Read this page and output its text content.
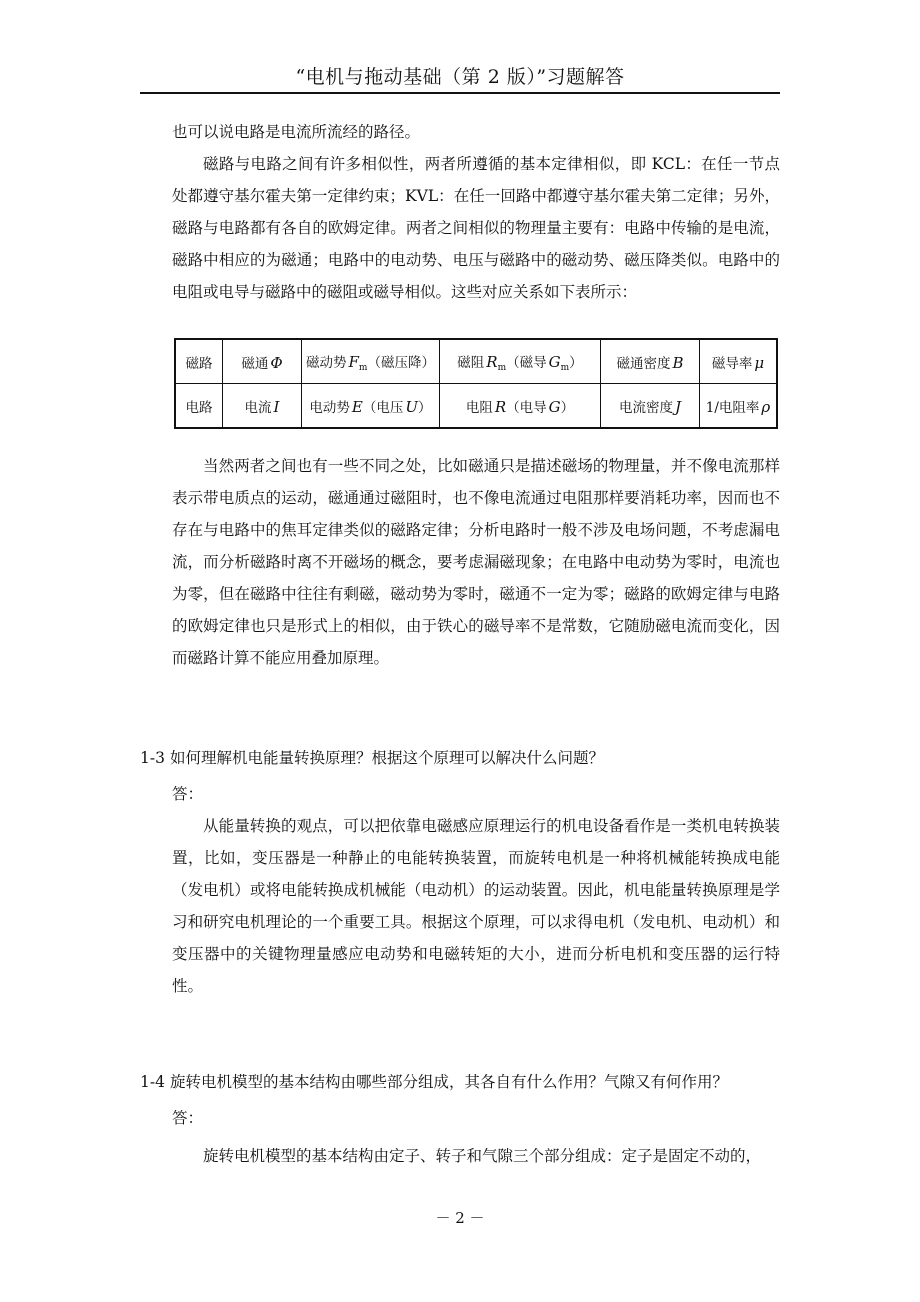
“电机与拖动基础（第 2 版）”习题解答

也可以说电路是电流所流经的路径。

磁路与电路之间有许多相似性，两者所遵循的基本定律相似，即 KCL：在任一节点处都遵守基尔霍夫第一定律约束；KVL：在任一回路中都遵守基尔霍夫第二定律；另外，磁路与电路都有各自的欧姆定律。两者之间相似的物理量主要有：电路中传输的是电流，磁路中相应的为磁通；电路中的电动势、电压与磁路中的磁动势、磁压降类似。电路中的电阻或电导与磁路中的磁阻或磁导相似。这些对应关系如下表所示：

磁路	磁通 Φ	磁动势 $F_m$（磁压降）	磁阻 $R_m$（磁导 $G_m$）	磁通密度 B	磁导率 μ
电路	电流 I	电动势 E（电压 U）	电阻 R（电导 G）	电流密度 J	1/电阻率 ρ

当然两者之间也有一些不同之处，比如磁通只是描述磁场的物理量，并不像电流那样表示带电质点的运动，磁通通过磁阻时，也不像电流通过电阻那样要消耗功率，因而也不存在与电路中的焦耳定律类似的磁路定律；分析电路时一般不涉及电场问题，不考虑漏电流，而分析磁路时离不开磁场的概念，要考虑漏磁现象；在电路中电动势为零时，电流也为零，但在磁路中往往有剩磁，磁动势为零时，磁通不一定为零；磁路的欧姆定律与电路的欧姆定律也只是形式上的相似，由于铁心的磁导率不是常数，它随励磁电流而变化，因而磁路计算不能应用叠加原理。

1-3 如何理解机电能量转换原理？根据这个原理可以解决什么问题？
答：

从能量转换的观点，可以把依靠电磁感应原理运行的机电设备看作是一类机电转换装置，比如，变压器是一种静止的电能转换装置，而旋转电机是一种将机械能转换成电能（发电机）或将电能转换成机械能（电动机）的运动装置。因此，机电能量转换原理是学习和研究电机理论的一个重要工具。根据这个原理，可以求得电机（发电机、电动机）和变压器中的关键物理量感应电动势和电磁转矩的大小，进而分析电机和变压器的运行特性。

1-4 旋转电机模型的基本结构由哪些部分组成，其各自有什么作用？气隙又有何作用？
答：

旋转电机模型的基本结构由定子、转子和气隙三个部分组成：定子是固定不动的，

－ 2 －
